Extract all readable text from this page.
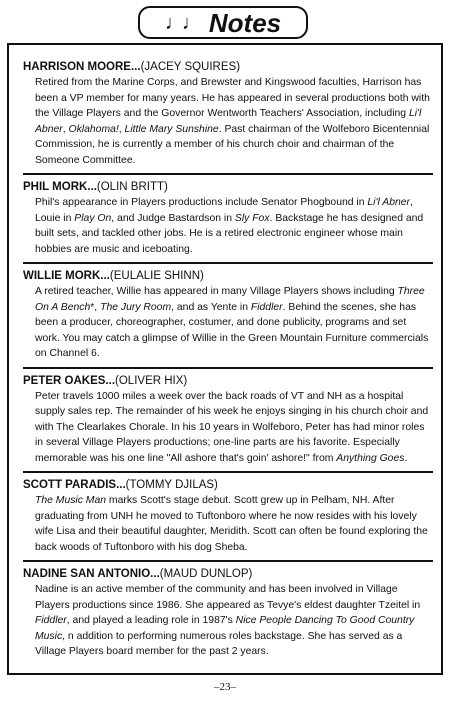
♩♩ Notes
HARRISON MOORE...(JACEY SQUIRES)

Retired from the Marine Corps, and Brewster and Kingswood faculties, Harrison has been a VP member for many years. He has appeared in several productions both with the Village Players and the Governor Wentworth Teachers' Association, including Li'l Abner, Oklahoma!, Little Mary Sunshine. Past chairman of the Wolfeboro Bicentennial Commission, he is currently a member of his church choir and chairman of the Someone Committee.

PHIL MORK...(OLIN BRITT)

Phil's appearance in Players productions include Senator Phogbound in Li'l Abner, Louie in Play On, and Judge Bastardson in Sly Fox. Backstage he has designed and built sets, and tackled other jobs. He is a retired electronic engineer whose main hobbies are music and iceboating.

WILLIE MORK...(EULALIE SHINN)

A retired teacher, Willie has appeared in many Village Players shows including Three On A Bench*, The Jury Room, and as Yente in Fiddler. Behind the scenes, she has been a producer, choreographer, costumer, and done publicity, programs and set work. You may catch a glimpse of Willie in the Green Mountain Furniture commercials on Channel 6.

PETER OAKES...(OLIVER HIX)

Peter travels 1000 miles a week over the back roads of VT and NH as a hospital supply sales rep. The remainder of his week he enjoys singing in his church choir and with The Clearlakes Chorale. In his 10 years in Wolfeboro, Peter has had minor roles in several Village Players productions; one-line parts are his favorite. Especially memorable was his one line "All ashore that's goin' ashore!" from Anything Goes.

SCOTT PARADIS...(TOMMY DJILAS)

The Music Man marks Scott's stage debut. Scott grew up in Pelham, NH. After graduating from UNH he moved to Tuftonboro where he now resides with his lovely wife Lisa and their beautiful daughter, Meridith. Scott can often be found exploring the back woods of Tuftonboro with his dog Sheba.

NADINE SAN ANTONIO...(MAUD DUNLOP)

Nadine is an active member of the community and has been involved in Village Players productions since 1986. She appeared as Tevye's eldest daughter Tzeitel in Fiddler, and played a leading role in 1987's Nice People Dancing To Good Country Music, n addition to performing numerous roles backstage. She has served as a Village Players board member for the past 2 years.

–23–
